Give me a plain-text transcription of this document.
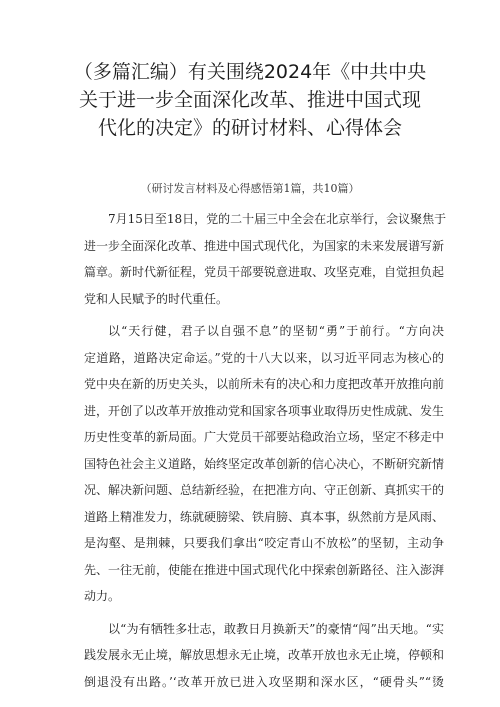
（多篇汇编）有关围绕2024年《中共中央
关于进一步全面深化改革、推进中国式现
代化的决定》的研讨材料、心得体会
（研讨发言材料及心得感悟第1篇，共10篇）
7月15日至18日，党的二十届三中全会在北京举行，会议聚焦于
进一步全面深化改革、推进中国式现代化，为国家的未来发展谱写新
篇章。新时代新征程，党员干部要锐意进取、攻坚克难，自觉担负起
党和人民赋予的时代重任。
以“天行健，君子以自强不息”的坚韧“勇”于前行。“方向决
定道路，道路决定命运。”党的十八大以来，以习近平同志为核心的
党中央在新的历史关头，以前所未有的决心和力度把改革开放推向前
进，开创了以改革开放推动党和国家各项事业取得历史性成就、发生
历史性变革的新局面。广大党员干部要站稳政治立场，坚定不移走中
国特色社会主义道路，始终坚定改革创新的信心决心，不断研究新情
况、解决新问题、总结新经验，在把准方向、守正创新、真抓实干的
道路上精准发力，练就硬膀梁、铁肩膀、真本事，纵然前方是风雨、
是沟壑、是荆棘，只要我们拿出“咬定青山不放松”的坚韧，主动争
先、一往无前，使能在推进中国式现代化中探索创新路径、注入澎湃
动力。
以“为有牺牲多壮志，敢教日月换新天”的豪情“闯”出天地。“实
践发展永无止境，解放思想永无止境，改革开放也永无止境，停顿和
倒退没有出路。’‘改革开放已进入攻坚期和深水区，“硬骨头”“烫
